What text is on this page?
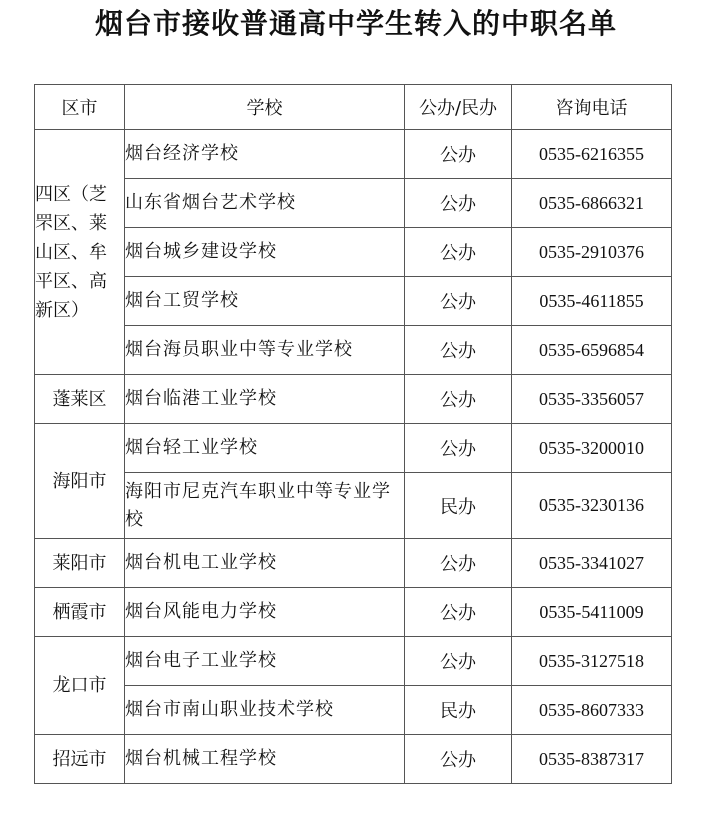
烟台市接收普通高中学生转入的中职名单
区市	学校	公办/民办	咨询电话

四区（芝罘区、莱山区、牟平区、高新区）	烟台经济学校	公办	0535-6216355
	山东省烟台艺术学校	公办	0535-6866321
	烟台城乡建设学校	公办	0535-2910376
	烟台工贸学校	公办	0535-4611855
	烟台海员职业中等专业学校	公办	0535-6596854
蓬莱区	烟台临港工业学校	公办	0535-3356057
海阳市	烟台轻工业学校	公办	0535-3200010
	海阳市尼克汽车职业中等专业学校	民办	0535-3230136
莱阳市	烟台机电工业学校	公办	0535-3341027
栖霞市	烟台风能电力学校	公办	0535-5411009
龙口市	烟台电子工业学校	公办	0535-3127518
	烟台市南山职业技术学校	民办	0535-8607333
招远市	烟台机械工程学校	公办	0535-8387317
